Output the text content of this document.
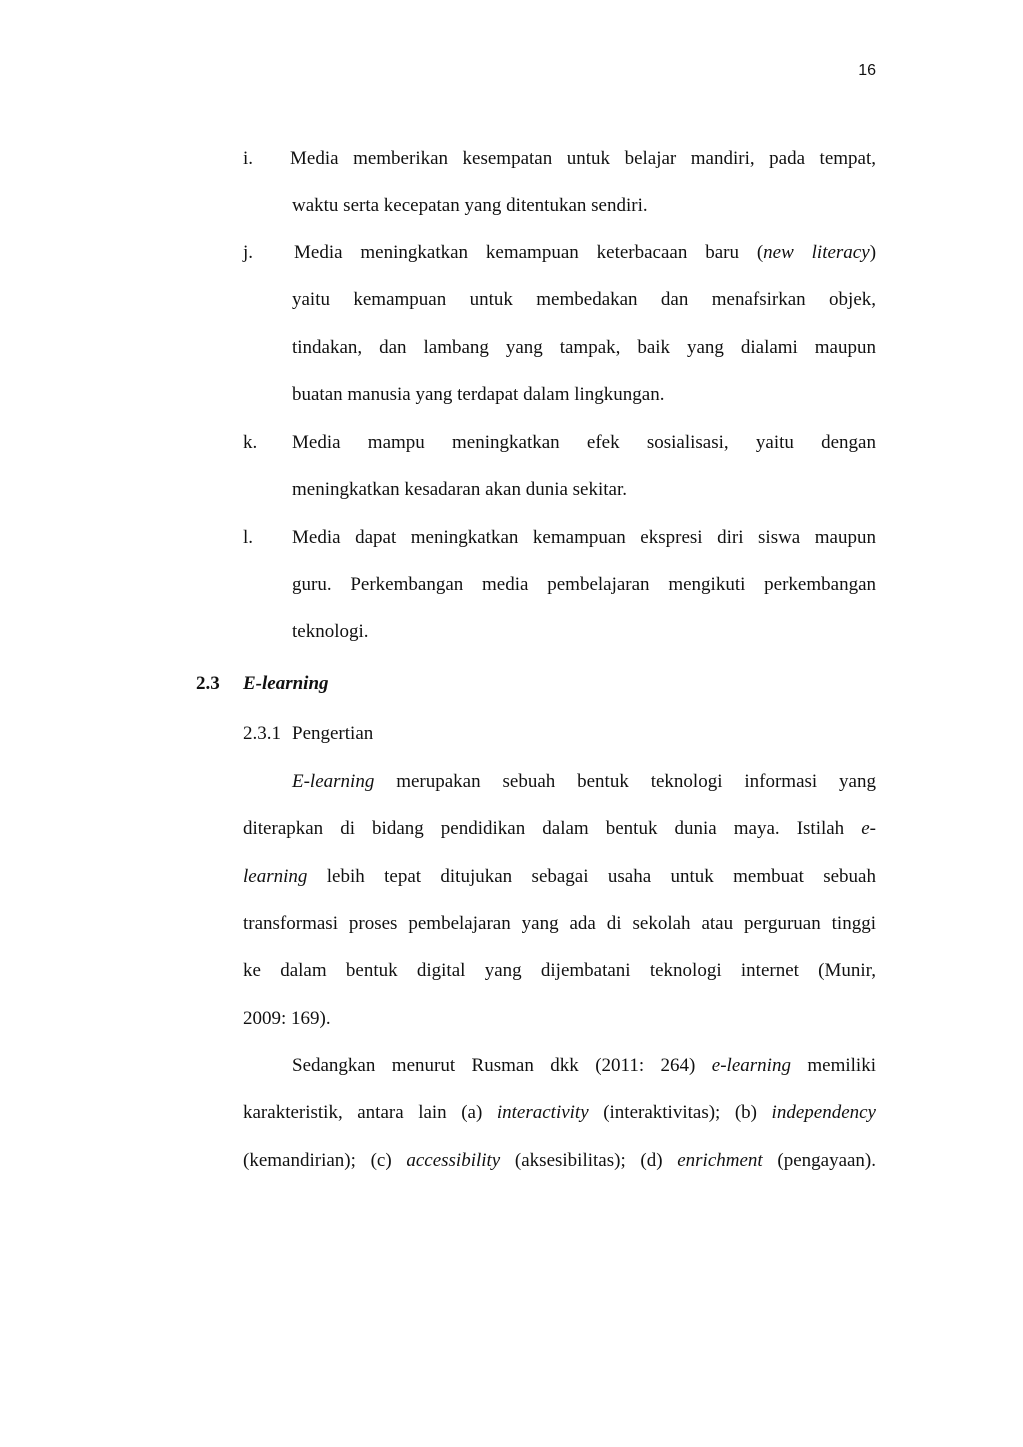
16
i. Media memberikan kesempatan untuk belajar mandiri, pada tempat,
waktu serta kecepatan yang ditentukan sendiri.
j. Media meningkatkan kemampuan keterbacaan baru (new literacy)
yaitu kemampuan untuk membedakan dan menafsirkan objek,
tindakan, dan lambang yang tampak, baik yang dialami maupun
buatan manusia yang terdapat dalam lingkungan.
k. Media mampu meningkatkan efek sosialisasi, yaitu dengan
meningkatkan kesadaran akan dunia sekitar.
l. Media dapat meningkatkan kemampuan ekspresi diri siswa maupun
guru. Perkembangan media pembelajaran mengikuti perkembangan
teknologi.
2.3 E-learning
2.3.1 Pengertian
E-learning merupakan sebuah bentuk teknologi informasi yang
diterapkan di bidang pendidikan dalam bentuk dunia maya. Istilah e-
learning lebih tepat ditujukan sebagai usaha untuk membuat sebuah
transformasi proses pembelajaran yang ada di sekolah atau perguruan tinggi
ke dalam bentuk digital yang dijembatani teknologi internet (Munir,
2009: 169).
Sedangkan menurut Rusman dkk (2011: 264) e-learning memiliki
karakteristik, antara lain (a) interactivity (interaktivitas); (b) independency
(kemandirian); (c) accessibility (aksesibilitas); (d) enrichment (pengayaan).
